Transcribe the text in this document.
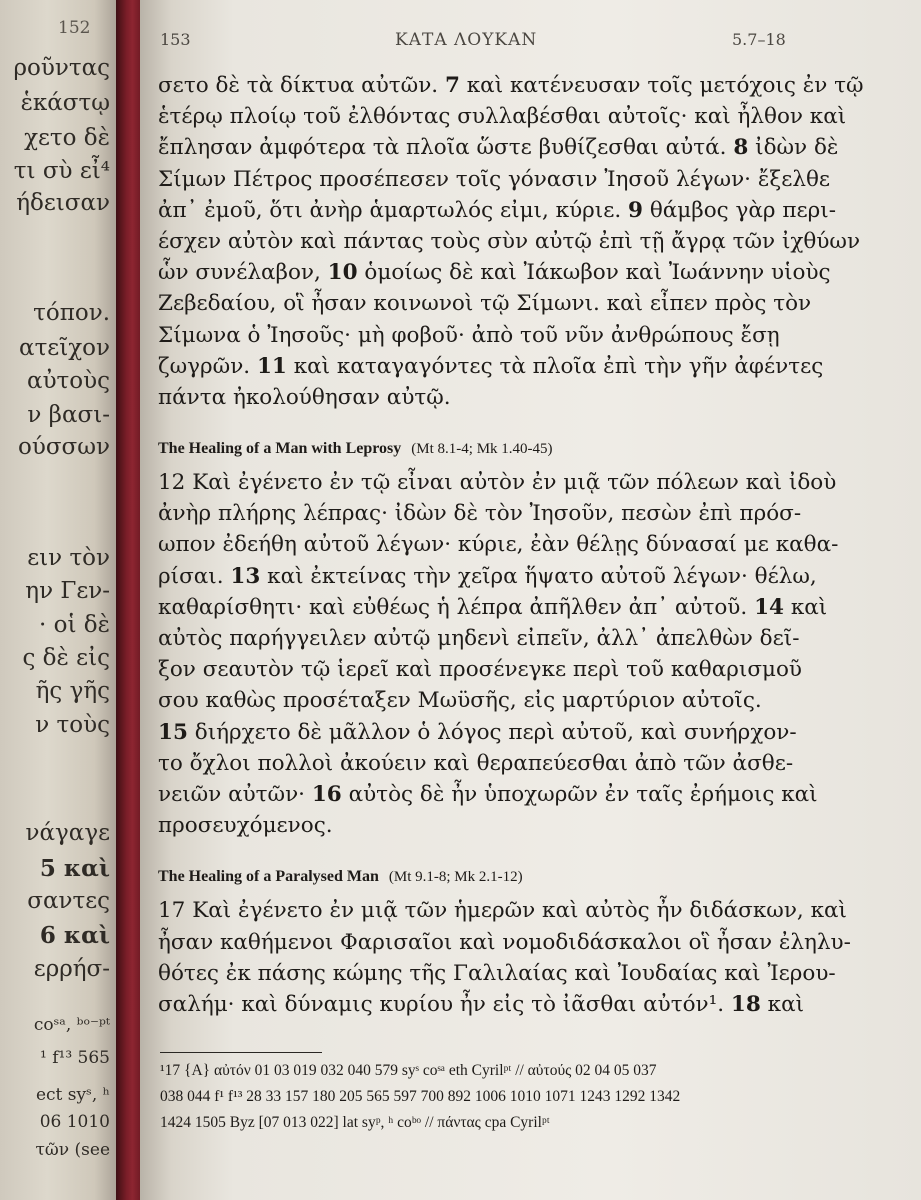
152
ροῦντας
ἑκάστῳ
χετο δὲ
τι σὺ εἶ⁴
ήδεισαν
τόπον.
ατεῖχον
αὐτοὺς
ν βασι-
ούσσων
ειν τὸν
ην Γεν-
· οἱ δὲ
ς δὲ εἰς
ῆς γῆς
ν τοὺς
νάγαγε
5 καὶ
σαντες
6 καὶ
ερρήσ-
coˢᵃ, ᵇᵒ⁻ᵖᵗ
¹ f¹³ 565
ect syˢ, ʰ
06 1010
τῶν (see
153	ΚΑΤΑ ΛΟΥΚΑΝ	5.7–18
σετο δὲ τὰ δίκτυα αὐτῶν. 7 καὶ κατένευσαν τοῖς μετόχοις ἐν τῷ
ἑτέρῳ πλοίῳ τοῦ ἐλθόντας συλλαβέσθαι αὐτοῖς· καὶ ἦλθον καὶ
ἔπλησαν ἀμφότερα τὰ πλοῖα ὥστε βυθίζεσθαι αὐτά. 8 ἰδὼν δὲ
Σίμων Πέτρος προσέπεσεν τοῖς γόνασιν Ἰησοῦ λέγων· ἔξελθε
ἀπ᾽ ἐμοῦ, ὅτι ἀνὴρ ἁμαρτωλός εἰμι, κύριε. 9 θάμβος γὰρ περι-
έσχεν αὐτὸν καὶ πάντας τοὺς σὺν αὐτῷ ἐπὶ τῇ ἄγρᾳ τῶν ἰχθύων
ὧν συνέλαβον, 10 ὁμοίως δὲ καὶ Ἰάκωβον καὶ Ἰωάννην υἱοὺς
Ζεβεδαίου, οἳ ἦσαν κοινωνοὶ τῷ Σίμωνι. καὶ εἶπεν πρὸς τὸν
Σίμωνα ὁ Ἰησοῦς· μὴ φοβοῦ· ἀπὸ τοῦ νῦν ἀνθρώπους ἔσῃ
ζωγρῶν. 11 καὶ καταγαγόντες τὰ πλοῖα ἐπὶ τὴν γῆν ἀφέντες
πάντα ἠκολούθησαν αὐτῷ.
The Healing of a Man with Leprosy (Mt 8.1-4; Mk 1.40-45)
12 Καὶ ἐγένετο ἐν τῷ εἶναι αὐτὸν ἐν μιᾷ τῶν πόλεων καὶ ἰδοὺ
ἀνὴρ πλήρης λέπρας· ἰδὼν δὲ τὸν Ἰησοῦν, πεσὼν ἐπὶ πρόσ-
ωπον ἐδεήθη αὐτοῦ λέγων· κύριε, ἐὰν θέλῃς δύνασαί με καθα-
ρίσαι. 13 καὶ ἐκτείνας τὴν χεῖρα ἥψατο αὐτοῦ λέγων· θέλω,
καθαρίσθητι· καὶ εὐθέως ἡ λέπρα ἀπῆλθεν ἀπ᾽ αὐτοῦ. 14 καὶ
αὐτὸς παρήγγειλεν αὐτῷ μηδενὶ εἰπεῖν, ἀλλ᾽ ἀπελθὼν δεῖ-
ξον σεαυτὸν τῷ ἱερεῖ καὶ προσένεγκε περὶ τοῦ καθαρισμοῦ
σου καθὼς προσέταξεν Μωϋσῆς, εἰς μαρτύριον αὐτοῖς.
15 διήρχετο δὲ μᾶλλον ὁ λόγος περὶ αὐτοῦ, καὶ συνήρχον-
το ὄχλοι πολλοὶ ἀκούειν καὶ θεραπεύεσθαι ἀπὸ τῶν ἀσθε-
νειῶν αὐτῶν· 16 αὐτὸς δὲ ἦν ὑποχωρῶν ἐν ταῖς ἐρήμοις καὶ
προσευχόμενος.
The Healing of a Paralysed Man (Mt 9.1-8; Mk 2.1-12)
17 Καὶ ἐγένετο ἐν μιᾷ τῶν ἡμερῶν καὶ αὐτὸς ἦν διδάσκων, καὶ
ἦσαν καθήμενοι Φαρισαῖοι καὶ νομοδιδάσκαλοι οἳ ἦσαν ἐληλυ-
θότες ἐκ πάσης κώμης τῆς Γαλιλαίας καὶ Ἰουδαίας καὶ Ἰερου-
σαλήμ· καὶ δύναμις κυρίου ἦν εἰς τὸ ἰᾶσθαι αὐτόν¹. 18 καὶ
¹17 {A} αὐτόν 01 03 019 032 040 579 syˢ coˢᵃ eth Cyrilᵖᵗ // αὐτούς 02 04 05 037
038 044 f¹ f¹³ 28 33 157 180 205 565 597 700 892 1006 1010 1071 1243 1292 1342
1424 1505 Byz [07 013 022] lat syᵖ, ʰ coᵇᵒ // πάντας cpa Cyrilᵖᵗ
